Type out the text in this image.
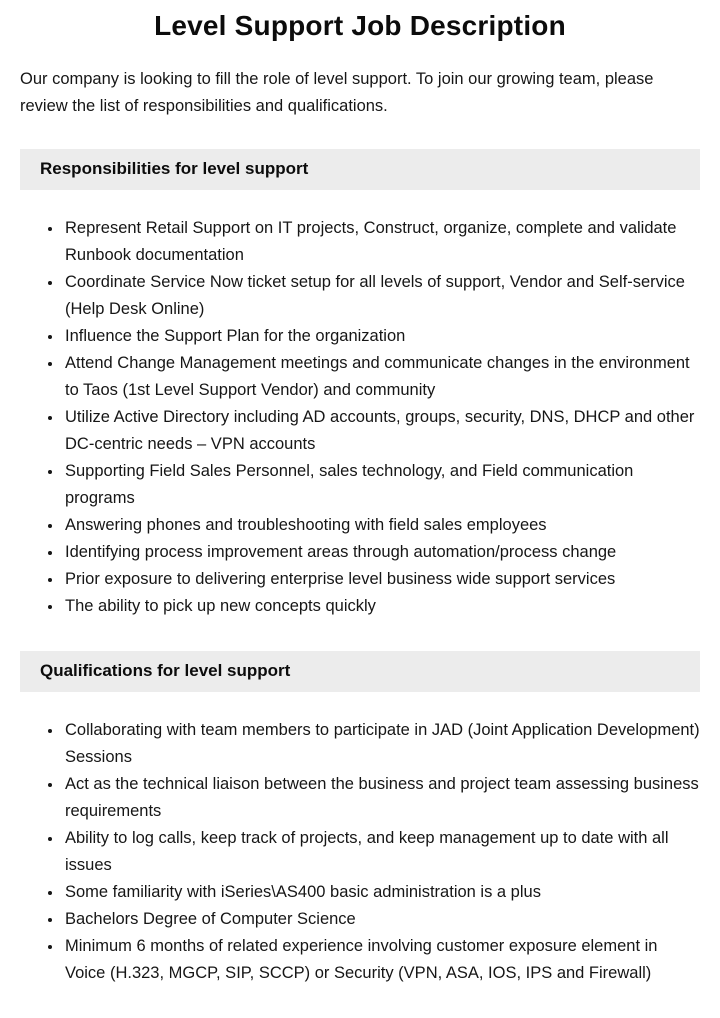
Level Support Job Description

Our company is looking to fill the role of level support. To join our growing team, please review the list of responsibilities and qualifications.

Responsibilities for level support
• Represent Retail Support on IT projects, Construct, organize, complete and validate Runbook documentation
• Coordinate Service Now ticket setup for all levels of support, Vendor and Self-service (Help Desk Online)
• Influence the Support Plan for the organization
• Attend Change Management meetings and communicate changes in the environment to Taos (1st Level Support Vendor) and community
• Utilize Active Directory including AD accounts, groups, security, DNS, DHCP and other DC-centric needs – VPN accounts
• Supporting Field Sales Personnel, sales technology, and Field communication programs
• Answering phones and troubleshooting with field sales employees
• Identifying process improvement areas through automation/process change
• Prior exposure to delivering enterprise level business wide support services
• The ability to pick up new concepts quickly
Qualifications for level support
• Collaborating with team members to participate in JAD (Joint Application Development) Sessions
• Act as the technical liaison between the business and project team assessing business requirements
• Ability to log calls, keep track of projects, and keep management up to date with all issues
• Some familiarity with iSeries\AS400 basic administration is a plus
• Bachelors Degree of Computer Science
• Minimum 6 months of related experience involving customer exposure element in Voice (H.323, MGCP, SIP, SCCP) or Security (VPN, ASA, IOS, IPS and Firewall)
